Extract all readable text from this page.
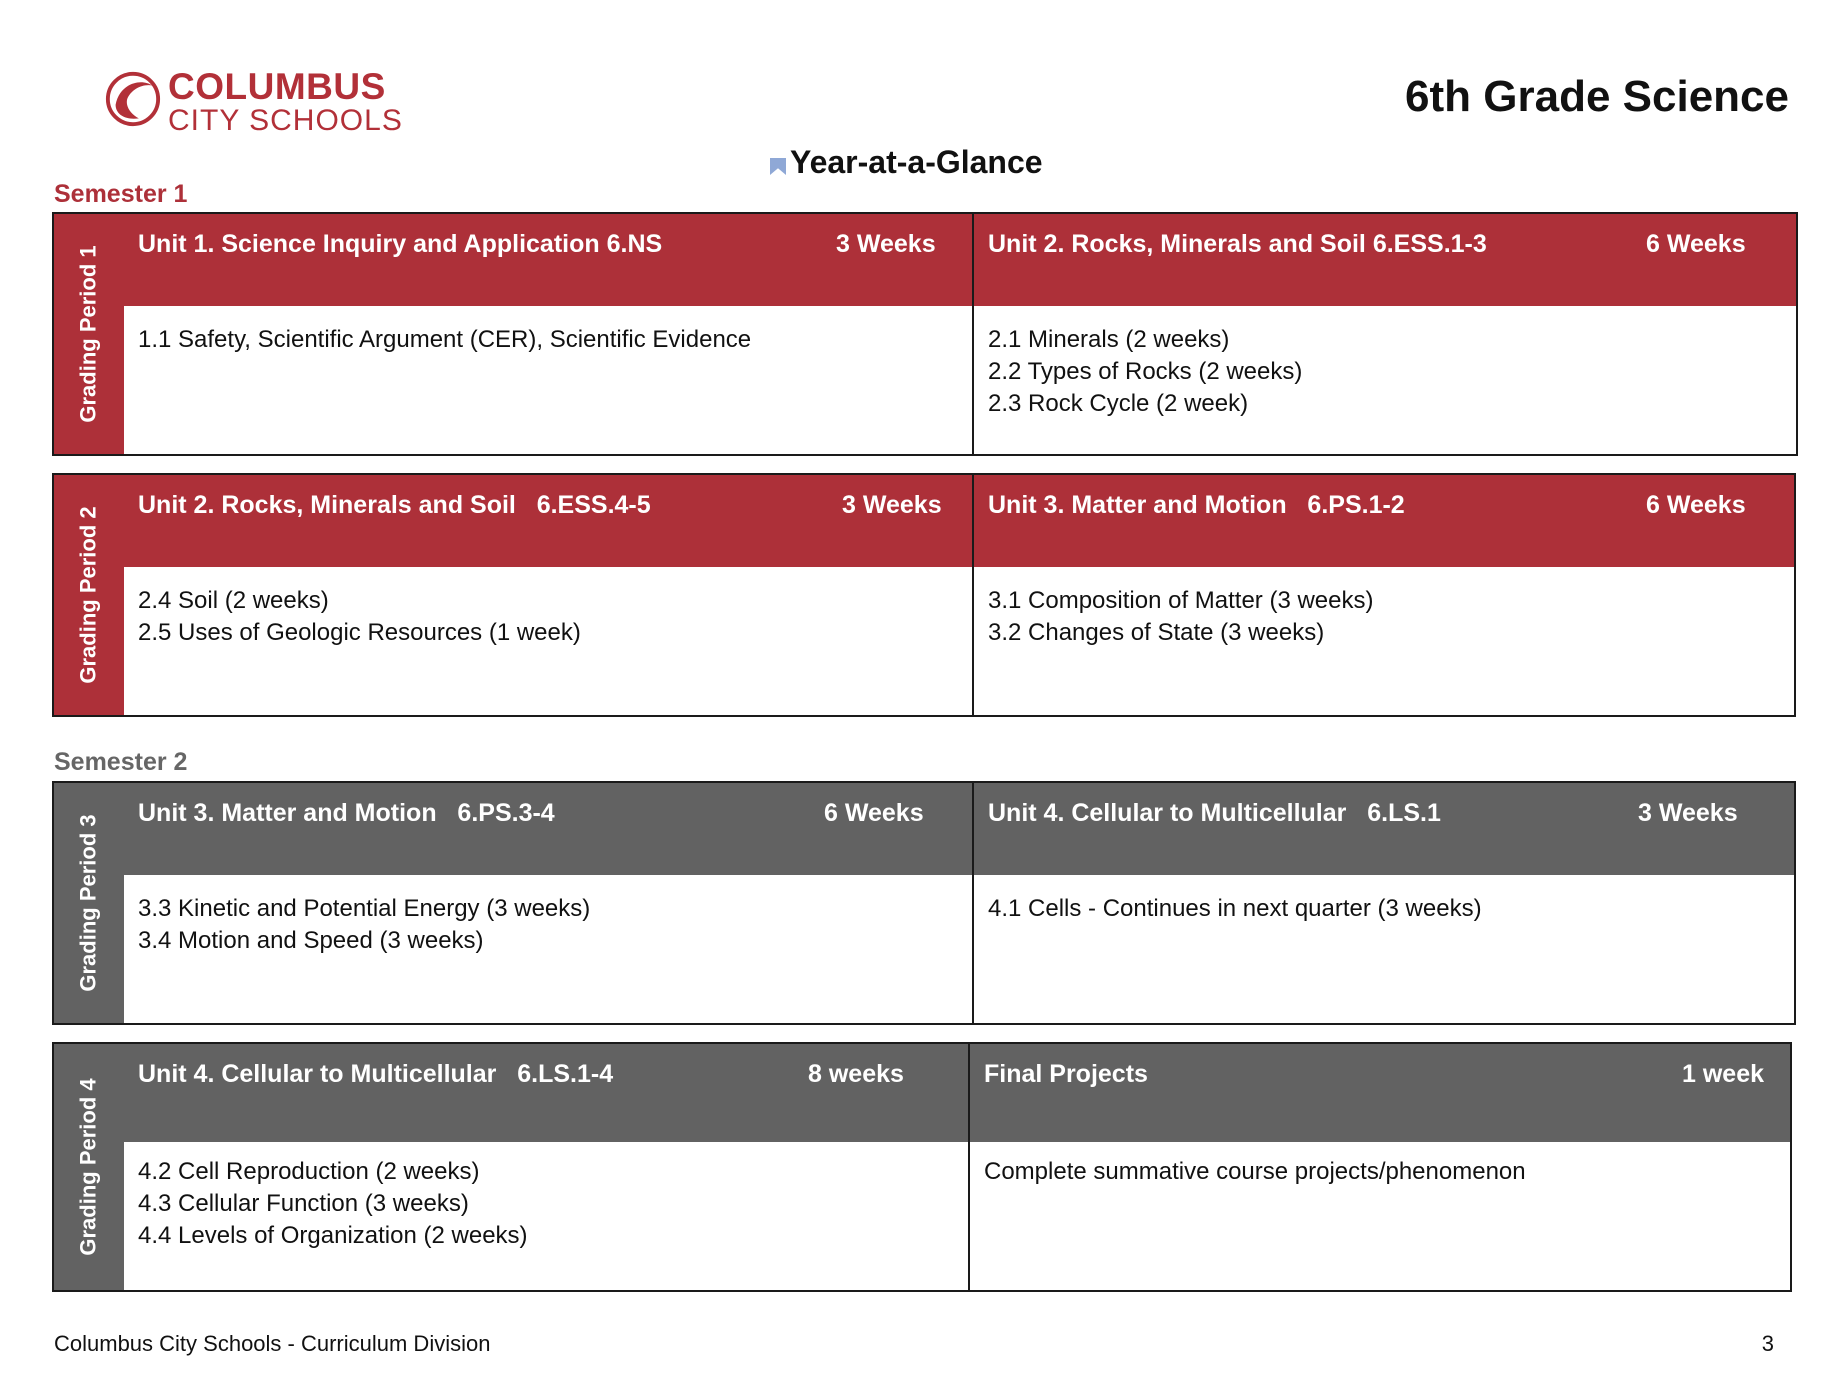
COLUMBUS
CITY SCHOOLS	6th Grade Science
Year-at-a-Glance
Semester 1
Grading Period 1
Unit 1. Science Inquiry and Application 6.NS	3 Weeks
1.1 Safety, Scientific Argument (CER), Scientific Evidence
Unit 2. Rocks, Minerals and Soil 6.ESS.1-3	6 Weeks
2.1 Minerals (2 weeks)
2.2 Types of Rocks (2 weeks)
2.3 Rock Cycle (2 week)
Grading Period 2
Unit 2. Rocks, Minerals and Soil   6.ESS.4-5	3 Weeks
2.4 Soil (2 weeks)
2.5 Uses of Geologic Resources (1 week)
Unit 3. Matter and Motion   6.PS.1-2	6 Weeks
3.1 Composition of Matter (3 weeks)
3.2 Changes of State (3 weeks)
Semester 2
Grading Period 3
Unit 3. Matter and Motion   6.PS.3-4	6 Weeks
3.3 Kinetic and Potential Energy (3 weeks)
3.4 Motion and Speed (3 weeks)
Unit 4. Cellular to Multicellular   6.LS.1	3 Weeks
4.1 Cells - Continues in next quarter (3 weeks)
Grading Period 4
Unit 4. Cellular to Multicellular   6.LS.1-4	8 weeks
4.2 Cell Reproduction (2 weeks)
4.3 Cellular Function (3 weeks)
4.4 Levels of Organization (2 weeks)
Final Projects	1 week
Complete summative course projects/phenomenon
Columbus City Schools - Curriculum Division	3
